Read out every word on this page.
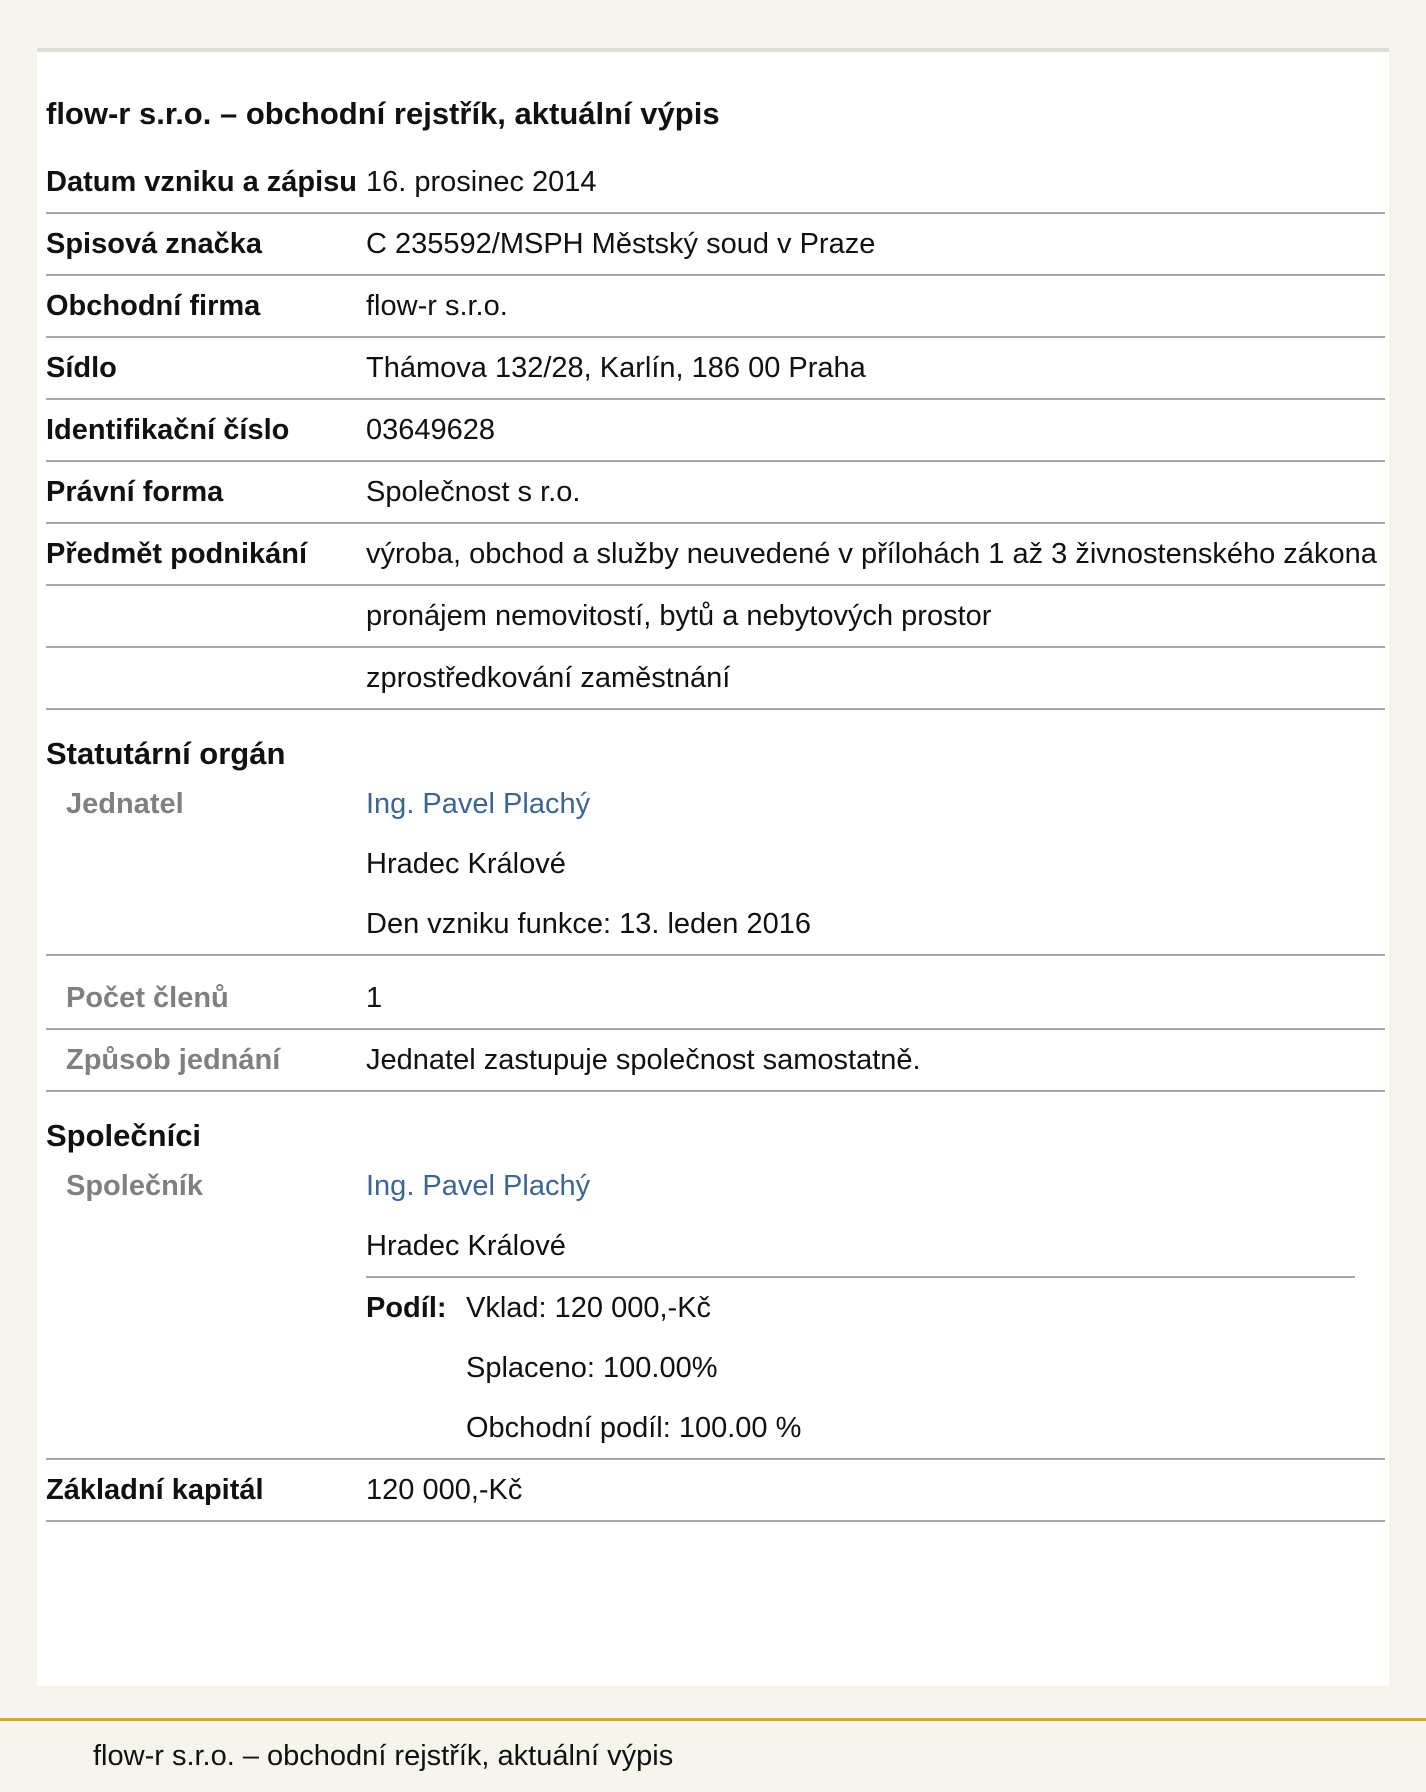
flow-r s.r.o. – obchodní rejstřík, aktuální výpis
Datum vzniku a zápisu 16. prosinec 2014
Spisová značka	C 235592/MSPH Městský soud v Praze
Obchodní firma	flow-r s.r.o.
Sídlo	Thámova 132/28, Karlín, 186 00 Praha
Identifikační číslo	03649628
Právní forma	Společnost s r.o.
Předmět podnikání	výroba, obchod a služby neuvedené v přílohách 1 až 3 živnostenského zákona
pronájem nemovitostí, bytů a nebytových prostor
zprostředkování zaměstnání
Statutární orgán
Jednatel	Ing. Pavel Plachý
Hradec Králové
Den vzniku funkce: 13. leden 2016
Počet členů	1
Způsob jednání	Jednatel zastupuje společnost samostatně.
Společníci
Společník	Ing. Pavel Plachý
Hradec Králové
Podíl: Vklad: 120 000,-Kč
Splaceno: 100.00%
Obchodní podíl: 100.00 %
Základní kapitál	120 000,-Kč
flow-r s.r.o. – obchodní rejstřík, aktuální výpis
